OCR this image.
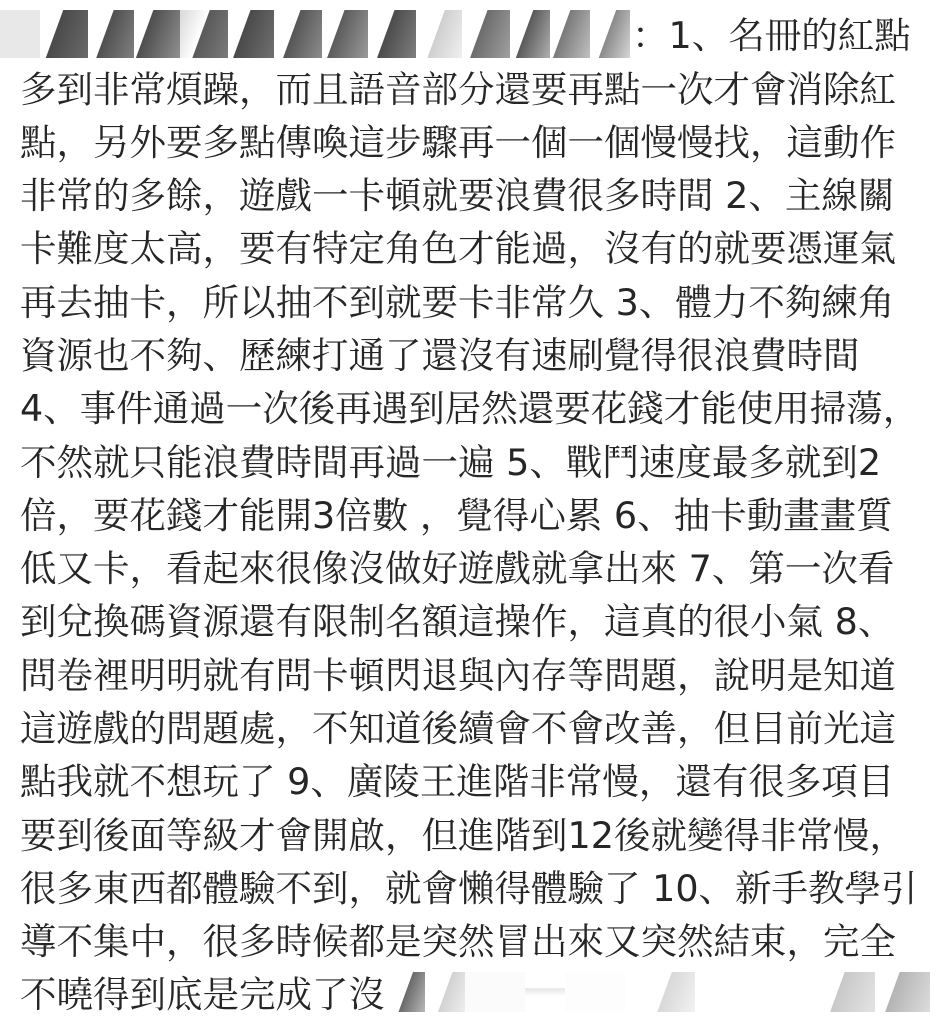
：1、名冊的紅點
多到非常煩躁，而且語音部分還要再點一次才會消除紅
點，另外要多點傳喚這步驟再一個一個慢慢找，這動作
非常的多餘，遊戲一卡頓就要浪費很多時間 2、主線關
卡難度太高，要有特定角色才能過，沒有的就要憑運氣
再去抽卡，所以抽不到就要卡非常久 3、體力不夠練角
資源也不夠、歷練打通了還沒有速刷覺得很浪費時間
4、事件通過一次後再遇到居然還要花錢才能使用掃蕩，
不然就只能浪費時間再過一遍 5、戰鬥速度最多就到2
倍，要花錢才能開3倍數 ，覺得心累 6、抽卡動畫畫質
低又卡，看起來很像沒做好遊戲就拿出來 7、第一次看
到兌換碼資源還有限制名額這操作，這真的很小氣 8、
問卷裡明明就有問卡頓閃退與內存等問題，說明是知道
這遊戲的問題處，不知道後續會不會改善，但目前光這
點我就不想玩了 9、廣陵王進階非常慢，還有很多項目
要到後面等級才會開啟，但進階到12後就變得非常慢，
很多東西都體驗不到，就會懶得體驗了 10、新手教學引
導不集中，很多時候都是突然冒出來又突然結束，完全
不曉得到底是完成了沒
